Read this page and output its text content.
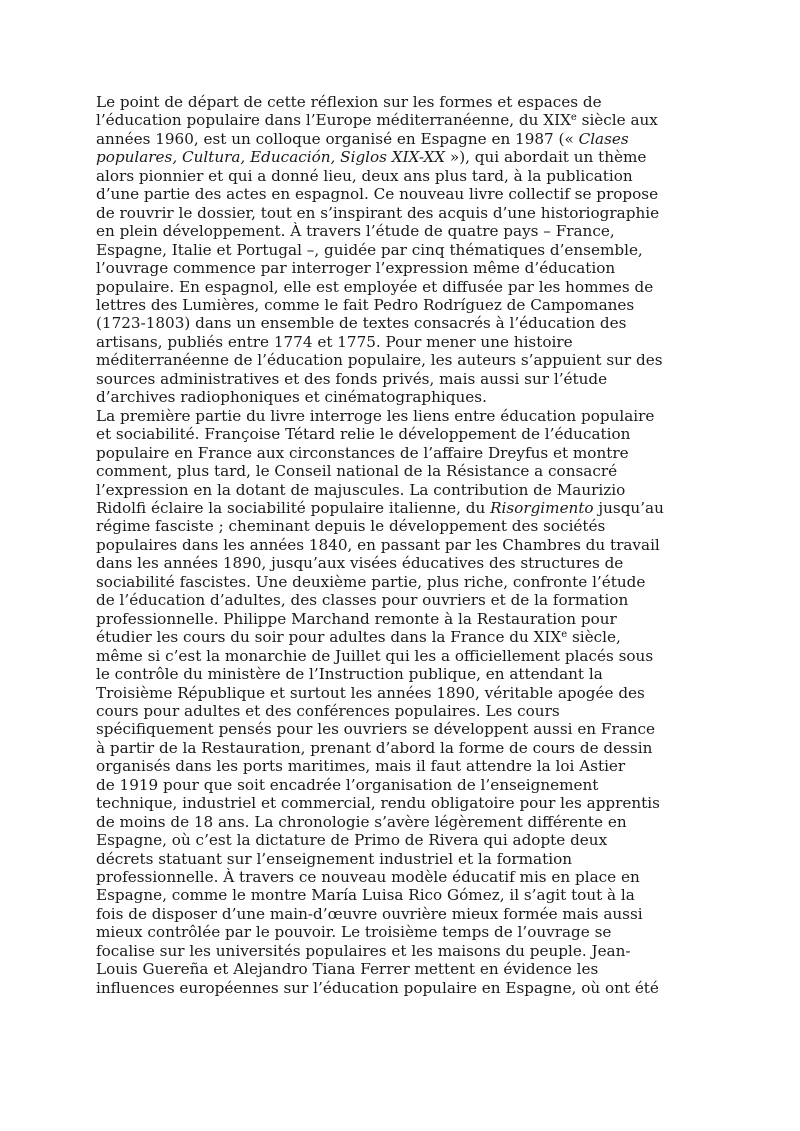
Le point de départ de cette réflexion sur les formes et espaces de
l’éducation populaire dans l’Europe méditerranéenne, du XIXe siècle aux
années 1960, est un colloque organisé en Espagne en 1987 (« Clases
populares, Cultura, Educación, Siglos XIX-XX »), qui abordait un thème
alors pionnier et qui a donné lieu, deux ans plus tard, à la publication
d’une partie des actes en espagnol. Ce nouveau livre collectif se propose
de rouvrir le dossier, tout en s’inspirant des acquis d’une historiographie
en plein développement. À travers l’étude de quatre pays – France,
Espagne, Italie et Portugal –, guidée par cinq thématiques d’ensemble,
l’ouvrage commence par interroger l’expression même d’éducation
populaire. En espagnol, elle est employée et diffusée par les hommes de
lettres des Lumières, comme le fait Pedro Rodríguez de Campomanes
(1723-1803) dans un ensemble de textes consacrés à l’éducation des
artisans, publiés entre 1774 et 1775. Pour mener une histoire
méditerranéenne de l’éducation populaire, les auteurs s’appuient sur des
sources administratives et des fonds privés, mais aussi sur l’étude
d’archives radiophoniques et cinématographiques.
La première partie du livre interroge les liens entre éducation populaire
et sociabilité. Françoise Tétard relie le développement de l’éducation
populaire en France aux circonstances de l’affaire Dreyfus et montre
comment, plus tard, le Conseil national de la Résistance a consacré
l’expression en la dotant de majuscules. La contribution de Maurizio
Ridolfi éclaire la sociabilité populaire italienne, du Risorgimento jusqu’au
régime fasciste ; cheminant depuis le développement des sociétés
populaires dans les années 1840, en passant par les Chambres du travail
dans les années 1890, jusqu’aux visées éducatives des structures de
sociabilité fascistes. Une deuxième partie, plus riche, confronte l’étude
de l’éducation d’adultes, des classes pour ouvriers et de la formation
professionnelle. Philippe Marchand remonte à la Restauration pour
étudier les cours du soir pour adultes dans la France du XIXe siècle,
même si c’est la monarchie de Juillet qui les a officiellement placés sous
le contrôle du ministère de l’Instruction publique, en attendant la
Troisième République et surtout les années 1890, véritable apogée des
cours pour adultes et des conférences populaires. Les cours
spécifiquement pensés pour les ouvriers se développent aussi en France
à partir de la Restauration, prenant d’abord la forme de cours de dessin
organisés dans les ports maritimes, mais il faut attendre la loi Astier
de 1919 pour que soit encadrée l’organisation de l’enseignement
technique, industriel et commercial, rendu obligatoire pour les apprentis
de moins de 18 ans. La chronologie s’avère légèrement différente en
Espagne, où c’est la dictature de Primo de Rivera qui adopte deux
décrets statuant sur l’enseignement industriel et la formation
professionnelle. À travers ce nouveau modèle éducatif mis en place en
Espagne, comme le montre María Luisa Rico Gómez, il s’agit tout à la
fois de disposer d’une main-d’œuvre ouvrière mieux formée mais aussi
mieux contrôlée par le pouvoir. Le troisième temps de l’ouvrage se
focalise sur les universités populaires et les maisons du peuple. Jean-
Louis Guereña et Alejandro Tiana Ferrer mettent en évidence les
influences européennes sur l’éducation populaire en Espagne, où ont été
